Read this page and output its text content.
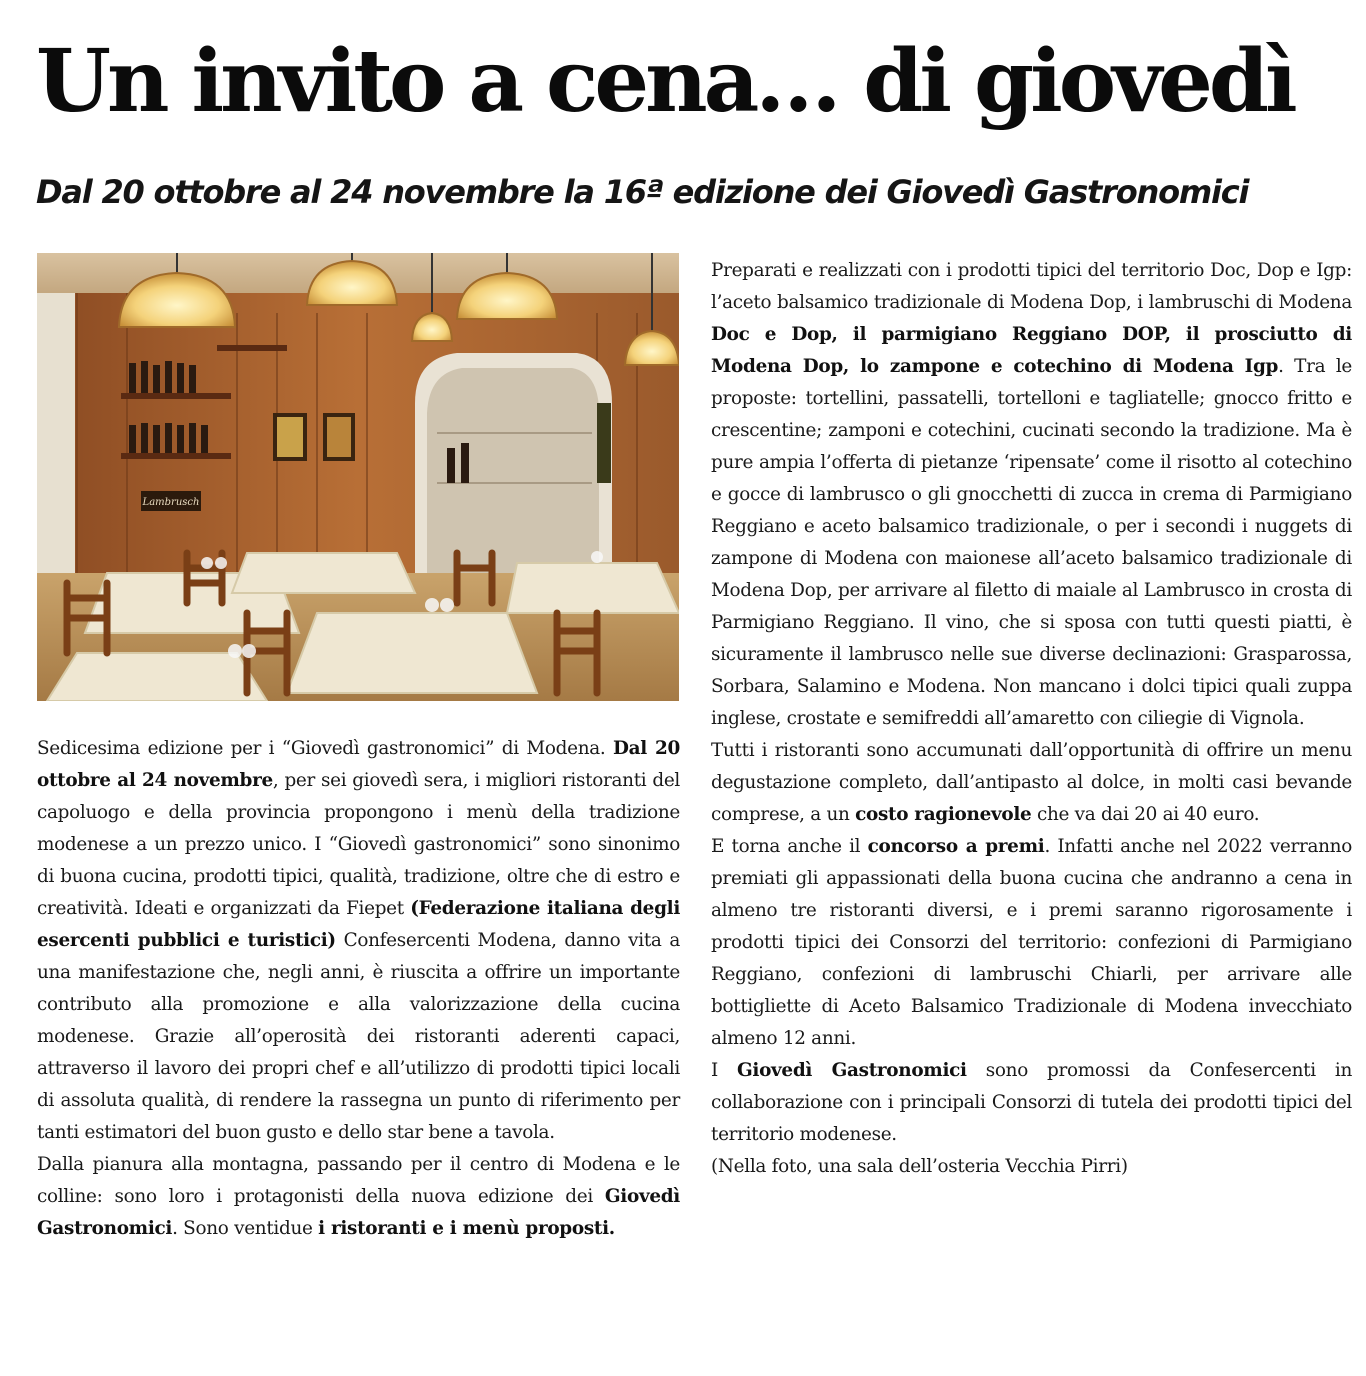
Un invito a cena… di giovedì
Dal 20 ottobre al 24 novembre la 16ª edizione dei Giovedì Gastronomici
Lambrusch

Sedicesima edizione per i “Giovedì gastronomici” di Modena. Dal 20 ottobre al 24 novembre, per sei giovedì sera, i migliori ristoranti del capoluogo e della provincia propongono i menù della tradizione modenese a un prezzo unico. I “Giovedì gastronomici” sono sinonimo di buona cucina, prodotti tipici, qualità, tradizione, oltre che di estro e creatività. Ideati e organizzati da Fiepet (Federazione italiana degli esercenti pubblici e turistici) Confesercenti Modena, danno vita a una manifestazione che, negli anni, è riuscita a offrire un importante contributo alla promozione e alla valorizzazione della cucina modenese. Grazie all’operosità dei ristoranti aderenti capaci, attraverso il lavoro dei propri chef e all’utilizzo di prodotti tipici locali di assoluta qualità, di rendere la rassegna un punto di riferimento per tanti estimatori del buon gusto e dello star bene a tavola.

Dalla pianura alla montagna, passando per il centro di Modena e le colline: sono loro i protagonisti della nuova edizione dei Giovedì Gastronomici. Sono ventidue i ristoranti e i menù proposti.

Preparati e realizzati con i prodotti tipici del territorio Doc, Dop e Igp: l’aceto balsamico tradizionale di Modena Dop, i lambruschi di Modena Doc e Dop, il parmigiano Reggiano DOP, il prosciutto di Modena Dop, lo zampone e cotechino di Modena Igp. Tra le proposte: tortellini, passatelli, tortelloni e tagliatelle; gnocco fritto e crescentine; zamponi e cotechini, cucinati secondo la tradizione. Ma è pure ampia l’offerta di pietanze ‘ripensate’ come il risotto al cotechino e gocce di lambrusco o gli gnocchetti di zucca in crema di Parmigiano Reggiano e aceto balsamico tradizionale, o per i secondi i nuggets di zampone di Modena con maionese all’aceto balsamico tradizionale di Modena Dop, per arrivare al filetto di maiale al Lambrusco in crosta di Parmigiano Reggiano. Il vino, che si sposa con tutti questi piatti, è sicuramente il lambrusco nelle sue diverse declinazioni: Grasparossa, Sorbara, Salamino e Modena. Non mancano i dolci tipici quali zuppa inglese, crostate e semifreddi all’amaretto con ciliegie di Vignola.

Tutti i ristoranti sono accumunati dall’opportunità di offrire un menu degustazione completo, dall’antipasto al dolce, in molti casi bevande comprese, a un costo ragionevole che va dai 20 ai 40 euro.

E torna anche il concorso a premi. Infatti anche nel 2022 verranno premiati gli appassionati della buona cucina che andranno a cena in almeno tre ristoranti diversi, e i premi saranno rigorosamente i prodotti tipici dei Consorzi del territorio: confezioni di Parmigiano Reggiano, confezioni di lambruschi Chiarli, per arrivare alle bottigliette di Aceto Balsamico Tradizionale di Modena invecchiato almeno 12 anni.

I Giovedì Gastronomici sono promossi da Confesercenti in collaborazione con i principali Consorzi di tutela dei prodotti tipici del territorio modenese.

(Nella foto, una sala dell’osteria Vecchia Pirri)
